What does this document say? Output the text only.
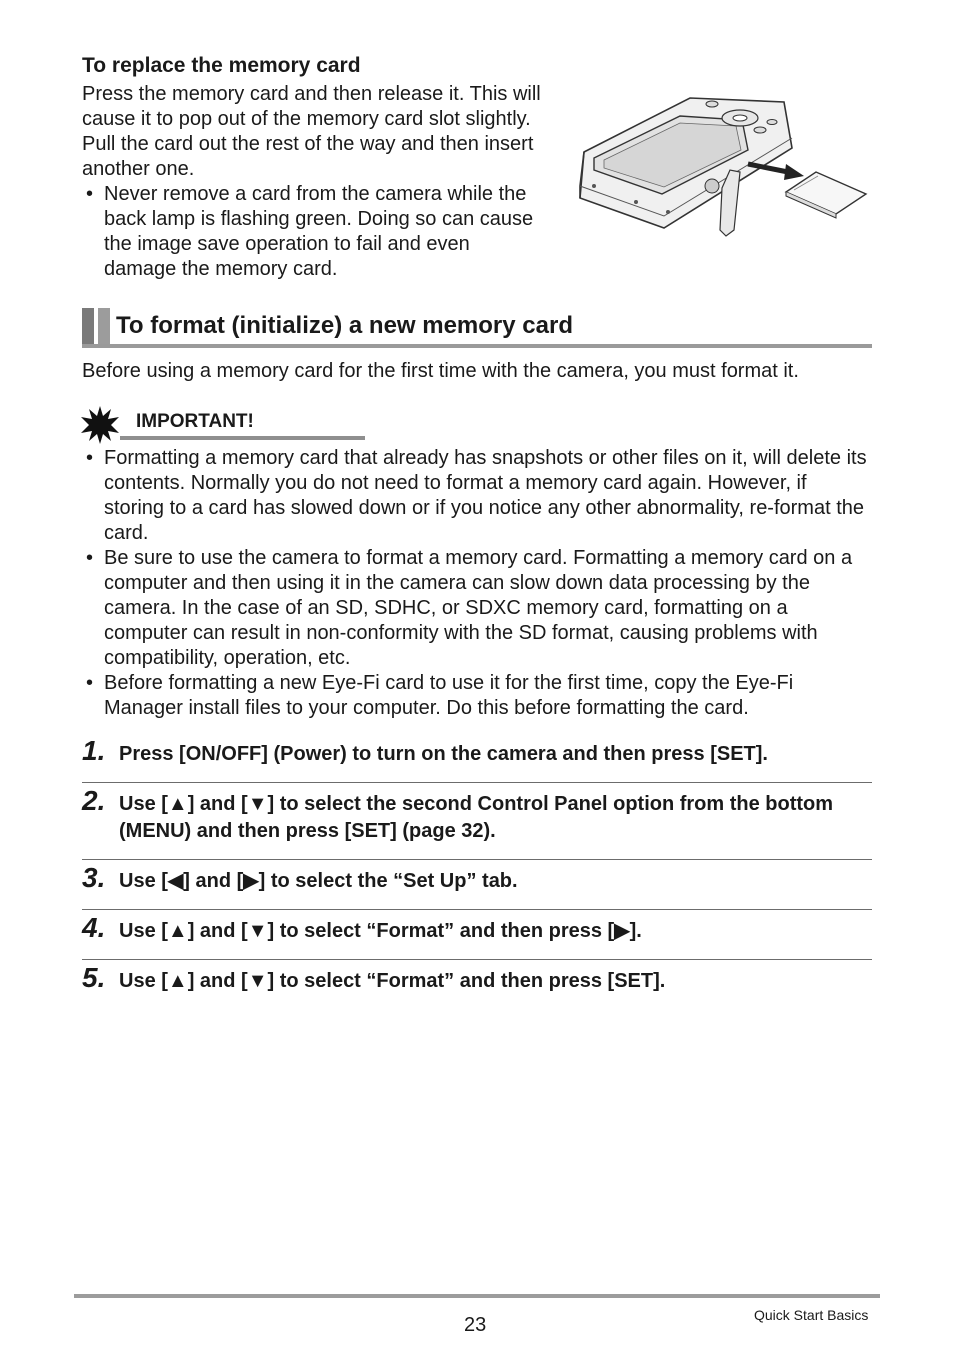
To replace the memory card

Press the memory card and then release it. This will cause it to pop out of the memory card slot slightly. Pull the card out the rest of the way and then insert another one.

• Never remove a card from the camera while the back lamp is flashing green. Doing so can cause the image save operation to fail and even damage the memory card.
To format (initialize) a new memory card
Before using a memory card for the first time with the camera, you must format it.
IMPORTANT!
• Formatting a memory card that already has snapshots or other files on it, will delete its contents. Normally you do not need to format a memory card again. However, if storing to a card has slowed down or if you notice any other abnormality, re-format the card.
• Be sure to use the camera to format a memory card. Formatting a memory card on a computer and then using it in the camera can slow down data processing by the camera. In the case of an SD, SDHC, or SDXC memory card, formatting on a computer can result in non-conformity with the SD format, causing problems with compatibility, operation, etc.
• Before formatting a new Eye-Fi card to use it for the first time, copy the Eye-Fi Manager install files to your computer. Do this before formatting the card.
1. Press [ON/OFF] (Power) to turn on the camera and then press [SET].
2. Use [▲] and [▼] to select the second Control Panel option from the bottom (MENU) and then press [SET] (page 32).
3. Use [◀] and [▶] to select the “Set Up” tab.
4. Use [▲] and [▼] to select “Format” and then press [▶].
5. Use [▲] and [▼] to select “Format” and then press [SET].
23	Quick Start Basics
